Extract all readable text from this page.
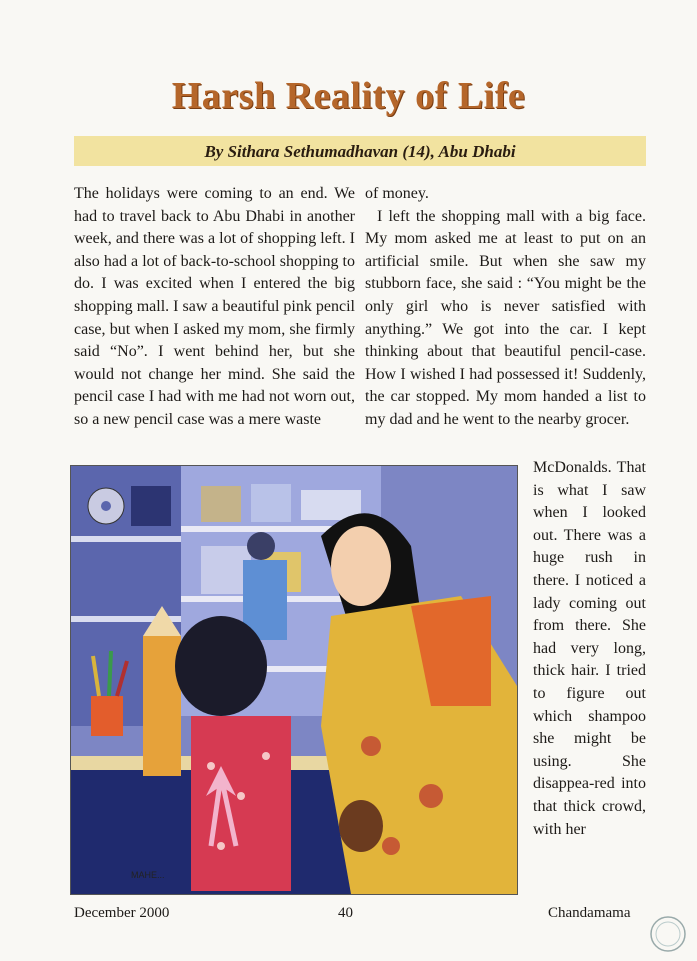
Harsh Reality of Life
By Sithara Sethumadhavan (14), Abu Dhabi

The holidays were coming to an end. We had to travel back to Abu Dhabi in another week, and there was a lot of shopping left. I also had a lot of back-to-school shopping to do. I was excited when I entered the big shopping mall. I saw a beautiful pink pencil case, but when I asked my mom, she firmly said “No”. I went behind her, but she would not change her mind. She said the pencil case I had with me had not worn out, so a new pencil case was a mere waste

of money.

I left the shopping mall with a big face. My mom asked me at least to put on an artificial smile. But when she saw my stubborn face, she said : “You might be the only girl who is never satisfied with anything.” We got into the car. I kept thinking about that beautiful pencil-case. How I wished I had possessed it! Suddenly, the car stopped. My mom handed a list to my dad and he went to the nearby grocer.

McDonalds. That is what I saw when I looked out. There was a huge rush in there. I noticed a lady coming out from there. She had very long, thick hair. I tried to figure out which shampoo she might be using. She disappea-red into that thick crowd, with her

MAHE...
December 2000	40	Chandamama
